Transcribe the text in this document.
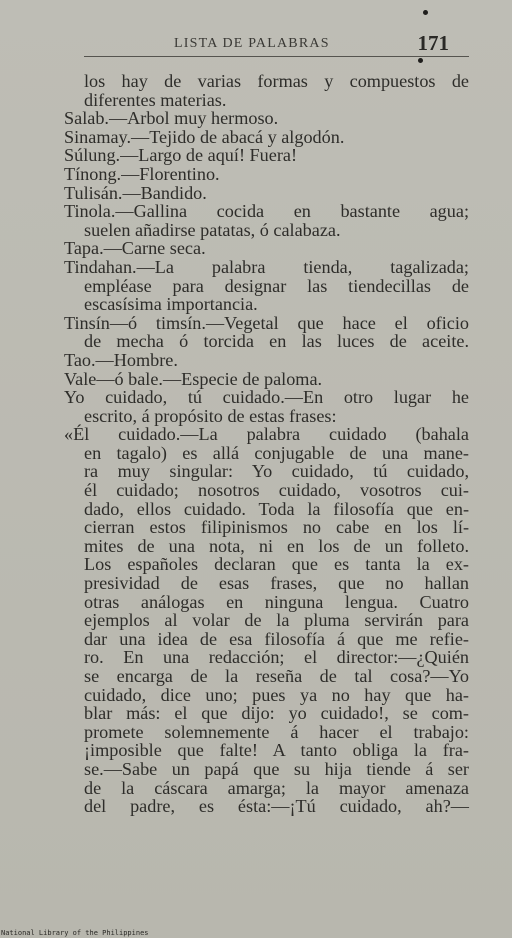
LISTA DE PALABRAS	171
los hay de varias formas y compuestos de
diferentes materias.
Salab.—Arbol muy hermoso.
Sinamay.—Tejido de abacá y algodón.
Súlung.—Largo de aquí! Fuera!
Tínong.—Florentino.
Tulisán.—Bandido.
Tinola.—Gallina cocida en bastante agua;
suelen añadirse patatas, ó calabaza.
Tapa.—Carne seca.
Tindahan.—La palabra tienda, tagalizada;
empléase para designar las tiendecillas de
escasísima importancia.
Tinsín—ó timsín.—Vegetal que hace el oficio
de mecha ó torcida en las luces de aceite.
Tao.—Hombre.
Vale—ó bale.—Especie de paloma.
Yo cuidado, tú cuidado.—En otro lugar he
escrito, á propósito de estas frases:
«Él cuidado.—La palabra cuidado (bahala
en tagalo) es allá conjugable de una mane-
ra muy singular: Yo cuidado, tú cuidado,
él cuidado; nosotros cuidado, vosotros cui-
dado, ellos cuidado. Toda la filosofía que en-
cierran estos filipinismos no cabe en los lí-
mites de una nota, ni en los de un folleto.
Los españoles declaran que es tanta la ex-
presividad de esas frases, que no hallan
otras análogas en ninguna lengua. Cuatro
ejemplos al volar de la pluma servirán para
dar una idea de esa filosofía á que me refie-
ro. En una redacción; el director:—¿Quién
se encarga de la reseña de tal cosa?—Yo
cuidado, dice uno; pues ya no hay que ha-
blar más: el que dijo: yo cuidado!, se com-
promete solemnemente á hacer el trabajo:
¡imposible que falte! A tanto obliga la fra-
se.—Sabe un papá que su hija tiende á ser
de la cáscara amarga; la mayor amenaza
del padre, es ésta:—¡Tú cuidado, ah?—
National Library of the Philippines
